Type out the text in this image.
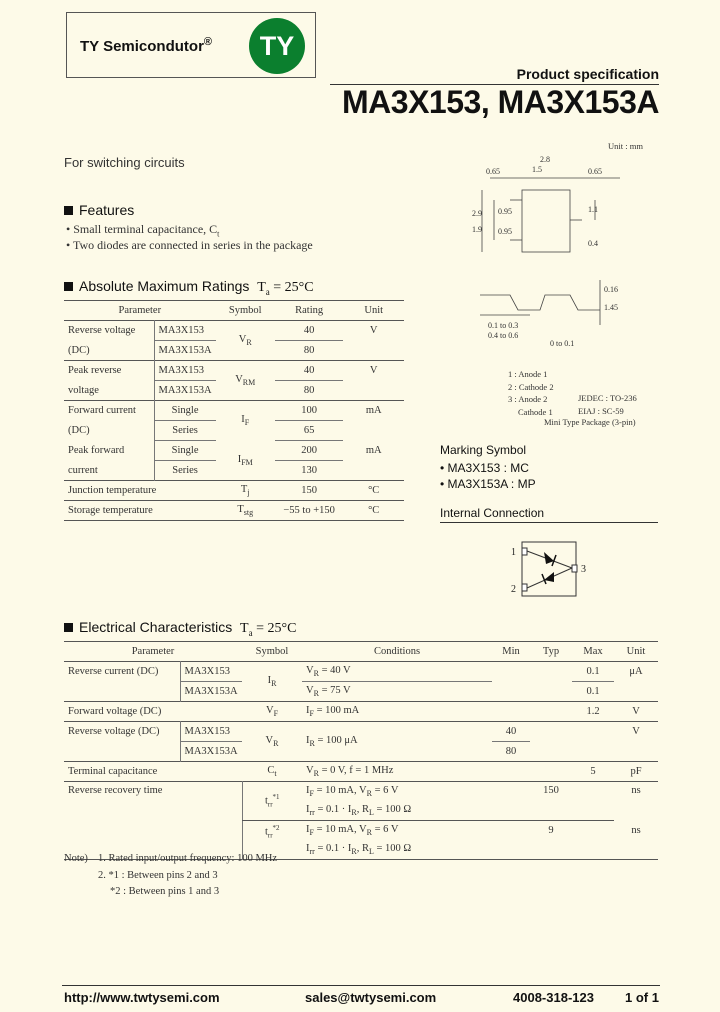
TY Semicondutor® TY
Product specification
MA3X153, MA3X153A
For switching circuits
Features
• Small terminal capacitance, $C_t$
• Two diodes are connected in series in the package
Absolute Maximum Ratings $T_a = 25^\circ C$
Parameter		Symbol	Rating	Unit
Reverse voltage	MA3X153	$V_R$	40	V
(DC)	MA3X153A		80	
Peak reverse	MA3X153	$V_{RM}$	40	V
voltage	MA3X153A		80	
Forward current	Single	$I_F$	100	mA
(DC)	Series		65	
Peak forward	Single	$I_{FM}$	200	mA
current	Series		130	
Junction temperature		$T_j$	150	°C
Storage temperature		$T_{stg}$	−55 to +150	°C
Unit : mm
2.8
1.5
0.65	0.65
0.95
0.95
2.9
1.9
1.1
0.4
0.16
0.1 to 0.3
0.4 to 0.6
1.45
0 to 0.1
1 : Anode 1
2 : Cathode 2
3 : Anode 2
Cathode 1
JEDEC : TO-236
EIAJ : SC-59
Mini Type Package (3-pin)
Marking Symbol
• MA3X153 : MC
• MA3X153A : MP
Internal Connection
1
2
3
Electrical Characteristics $T_a = 25^\circ C$
Parameter		Symbol	Conditions	Min	Typ	Max	Unit
Reverse current (DC)	MA3X153	$I_R$	$V_R = 40$ V			0.1	μA
	MA3X153A		$V_R = 75$ V			0.1	
Forward voltage (DC)		$V_F$	$I_F = 100$ mA			1.2	V
Reverse voltage (DC)	MA3X153	$V_R$	$I_R = 100$ μA	40			V
	MA3X153A			80			
Terminal capacitance		$C_t$	$V_R = 0$ V, f = 1 MHz			5	pF
Reverse recovery time		$t_{rr}^{*1}$	$I_F = 10$ mA, $V_R = 6$ V		150		ns
			$I_{rr} = 0.1 \cdot I_R$, $R_L = 100$ Ω				
		$t_{rr}^{*2}$	$I_F = 10$ mA, $V_R = 6$ V		9		ns
			$I_{rr} = 0.1 \cdot I_R$, $R_L = 100$ Ω				
Note) 1. Rated input/output frequency: 100 MHz
2. *1 : Between pins 2 and 3
*2 : Between pins 1 and 3
http://www.twtysemi.com	sales@twtysemi.com	4008-318-123 1 of 1
